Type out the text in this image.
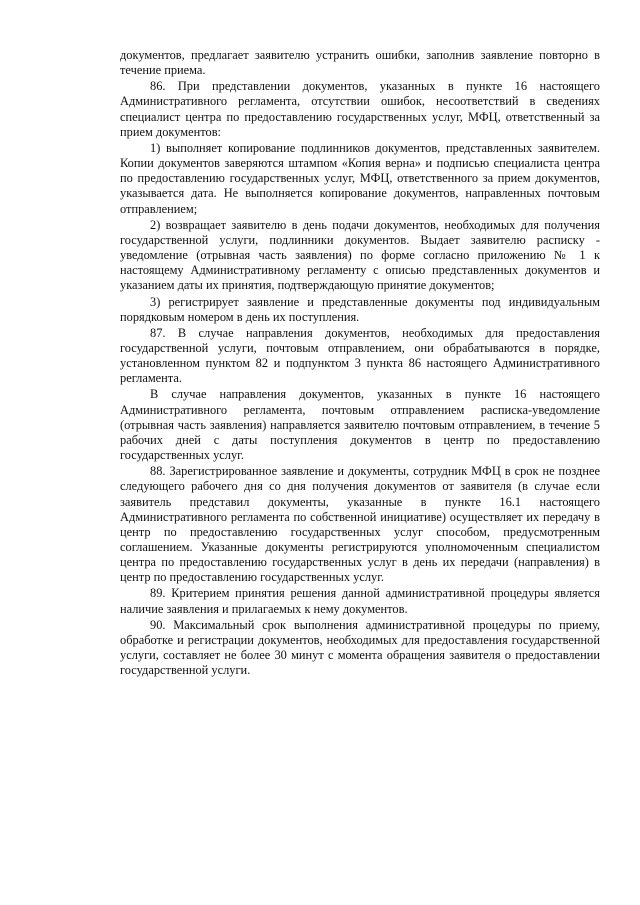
документов, предлагает заявителю устранить ошибки, заполнив заявление повторно в течение приема.

86. При представлении документов, указанных в пункте 16 настоящего Административного регламента, отсутствии ошибок, несоответствий в сведениях специалист центра по предоставлению государственных услуг, МФЦ, ответственный за прием документов:

1) выполняет копирование подлинников документов, представленных заявителем. Копии документов заверяются штампом «Копия верна» и подписью специалиста центра по предоставлению государственных услуг, МФЦ, ответственного за прием документов, указывается дата. Не выполняется копирование документов, направленных почтовым отправлением;

2) возвращает заявителю в день подачи документов, необходимых для получения государственной услуги, подлинники документов. Выдает заявителю расписку - уведомление (отрывная часть заявления) по форме согласно приложению № 1 к настоящему Административному регламенту с описью представленных документов и указанием даты их принятия, подтверждающую принятие документов;

3) регистрирует заявление и представленные документы под индивидуальным порядковым номером в день их поступления.

87. В случае направления документов, необходимых для предоставления государственной услуги, почтовым отправлением, они обрабатываются в порядке, установленном пунктом 82 и подпунктом 3 пункта 86 настоящего Административного регламента.

В случае направления документов, указанных в пункте 16 настоящего Административного регламента, почтовым отправлением расписка-уведомление (отрывная часть заявления) направляется заявителю почтовым отправлением, в течение 5 рабочих дней с даты поступления документов в центр по предоставлению государственных услуг.

88. Зарегистрированное заявление и документы, сотрудник МФЦ в срок не позднее следующего рабочего дня со дня получения документов от заявителя (в случае если заявитель представил документы, указанные в пункте 16.1 настоящего Административного регламента по собственной инициативе) осуществляет их передачу в центр по предоставлению государственных услуг способом, предусмотренным соглашением. Указанные документы регистрируются уполномоченным специалистом центра по предоставлению государственных услуг в день их передачи (направления) в центр по предоставлению государственных услуг.

89. Критерием принятия решения данной административной процедуры является наличие заявления и прилагаемых к нему документов.

90. Максимальный срок выполнения административной процедуры по приему, обработке и регистрации документов, необходимых для предоставления государственной услуги, составляет не более 30 минут с момента обращения заявителя о предоставлении государственной услуги.
